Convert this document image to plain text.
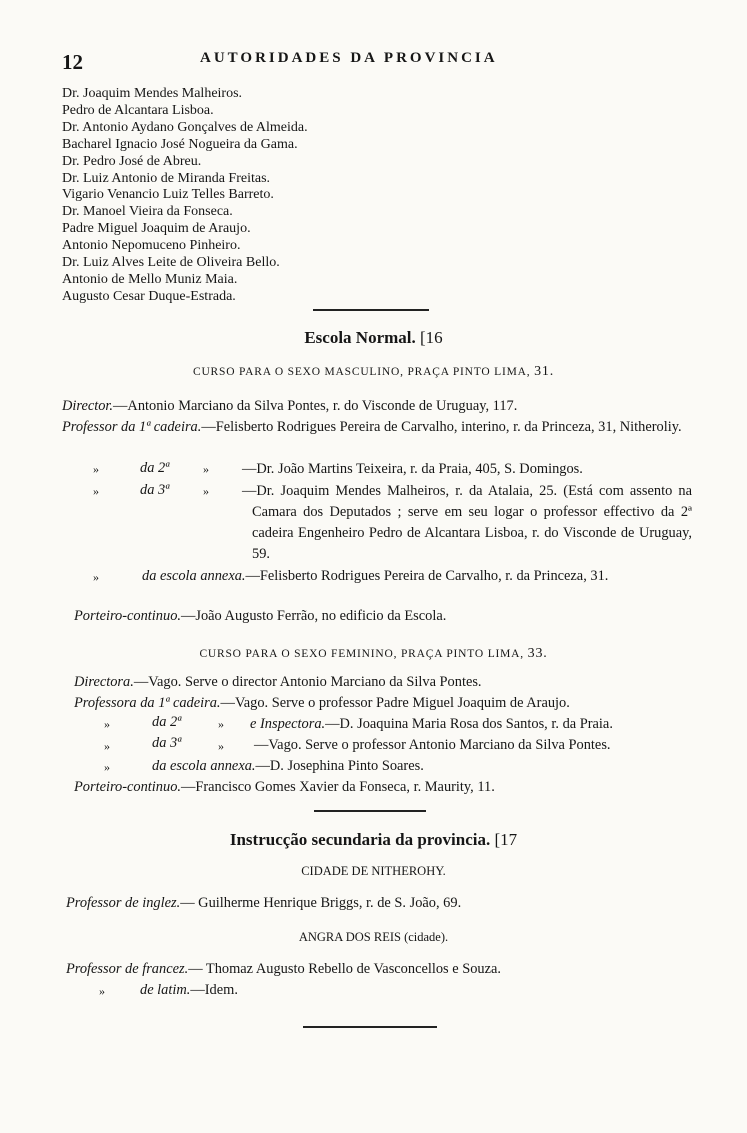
12	AUTORIDADES DA PROVINCIA
Dr. Joaquim Mendes Malheiros.
Pedro de Alcantara Lisboa.
Dr. Antonio Aydano Gonçalves de Almeida.
Bacharel Ignacio José Nogueira da Gama.
Dr. Pedro José de Abreu.
Dr. Luiz Antonio de Miranda Freitas.
Vigario Venancio Luiz Telles Barreto.
Dr. Manoel Vieira da Fonseca.
Padre Miguel Joaquim de Araujo.
Antonio Nepomuceno Pinheiro.
Dr. Luiz Alves Leite de Oliveira Bello.
Antonio de Mello Muniz Maia.
Augusto Cesar Duque-Estrada.
Escola Normal. [16
CURSO PARA O SEXO MASCULINO, PRAÇA PINTO LIMA, 31.
Director.—Antonio Marciano da Silva Pontes, r. do Visconde de Uruguay, 117.
Professor da 1ª cadeira.—Felisberto Rodrigues Pereira de Carvalho, interino, r. da Princeza, 31, Nitheroliy.
»	da 2ª	» —Dr. João Martins Teixeira, r. da Praia, 405, S. Domingos.
»	da 3ª	» —Dr. Joaquim Mendes Malheiros, r. da Atalaia, 25. (Está com assento na Camara dos Deputados ; serve em seu logar o professor effectivo da 2ª cadeira Engenheiro Pedro de Alcantara Lisboa, r. do Visconde de Uruguay, 59.
»	da escola annexa.—Felisberto Rodrigues Pereira de Carvalho, r. da Princeza, 31.
Porteiro-continuo.—João Augusto Ferrão, no edificio da Escola.
CURSO PARA O SEXO FEMININO, PRAÇA PINTO LIMA, 33.
Directora.—Vago. Serve o director Antonio Marciano da Silva Pontes.
Professora da 1ª cadeira.—Vago. Serve o professor Padre Miguel Joaquim de Araujo.
»	da 2ª	» e Inspectora.—D. Joaquina Maria Rosa dos Santos, r. da Praia.
»	da 3ª	» —Vago. Serve o professor Antonio Marciano da Silva Pontes.
»	da escola annexa.—D. Josephina Pinto Soares.
Porteiro-continuo.—Francisco Gomes Xavier da Fonseca, r. Maurity, 11.
Instrucção secundaria da provincia. [17
CIDADE DE NITHEROHY.
Professor de inglez.— Guilherme Henrique Briggs, r. de S. João, 69.
ANGRA DOS REIS (cidade).
Professor de francez.— Thomaz Augusto Rebello de Vasconcellos e Souza.
» de latim.—Idem.
